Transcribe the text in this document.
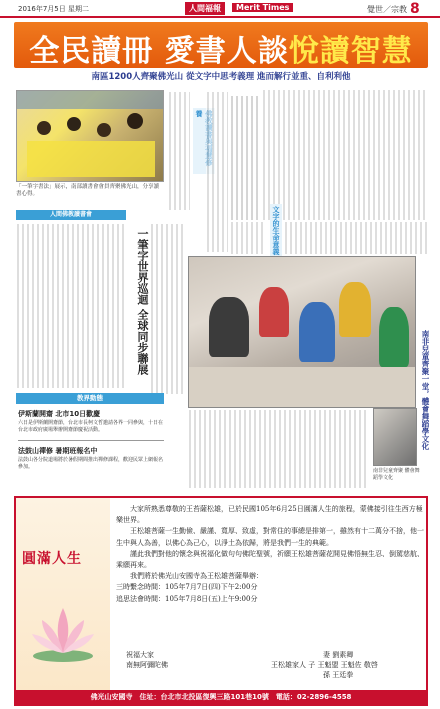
2016年7月5日 星期二	人間福報	Merit Times	覺世／宗教 8
全民讀冊 愛書人談悅讀智慧
南區1200人齊聚佛光山 從文字中思考義理 進而解行並重、自利利他
「一筆字書法」展示，南部讀書會會員齊聚佛光山，分享讀書心得。
養
文字的生命意義
人間佛教讀書會
一筆字世界巡迴 全球同步聯展
南非兒童齊聚一堂，體會舞蹈學文化
南非兒童齊聚 體會舞蹈學文化
教界動態
伊斯蘭開齋 北市10日歡慶
六日是伊斯蘭開齋節，台北市長柯文哲邀請各界一同參與，十日在台北市政府廣場舉辦開齋節慶祝活動。
法鼓山禪修 暑期班報名中
法鼓山各分院道場將於暑假期間推出禪修課程，歡迎民眾上網報名參加。
圓滿人生

大家所熟悉尊敬的王苔薩松雄，已於民國105年6月25日圓滿人生的旅程，蒙佛接引往生西方極樂世界。

王松雄菩薩一生勤儉、嚴謹、寬厚、致虛，對常住的事總是排第一，雖然有十二萬分不捨，他一生中與人為善，以佛心為己心，以淨土為依歸，將是我們一生的典範。

謹此我們對他的懷念與祝福化做句句佛陀聖號，祈願王松雄菩薩花開見佛悟無生忍、倒駕慈航、乘願再來。

我們將於佛光山安國寺為王松雄菩薩舉辦：

三時繫念時間：105年7月7日(四)下午2:00分

追思法會時間：105年7月8日(五)上午9:00分

祝福大家
南無阿彌陀佛
妻 劉素卿
王松雄家人 子 王魁盟 王魁佐 敬啓
孫 王廷拳
佛光山安國寺　住址：台北市北投區復興三路101巷10號　電話：02-2896-4558
